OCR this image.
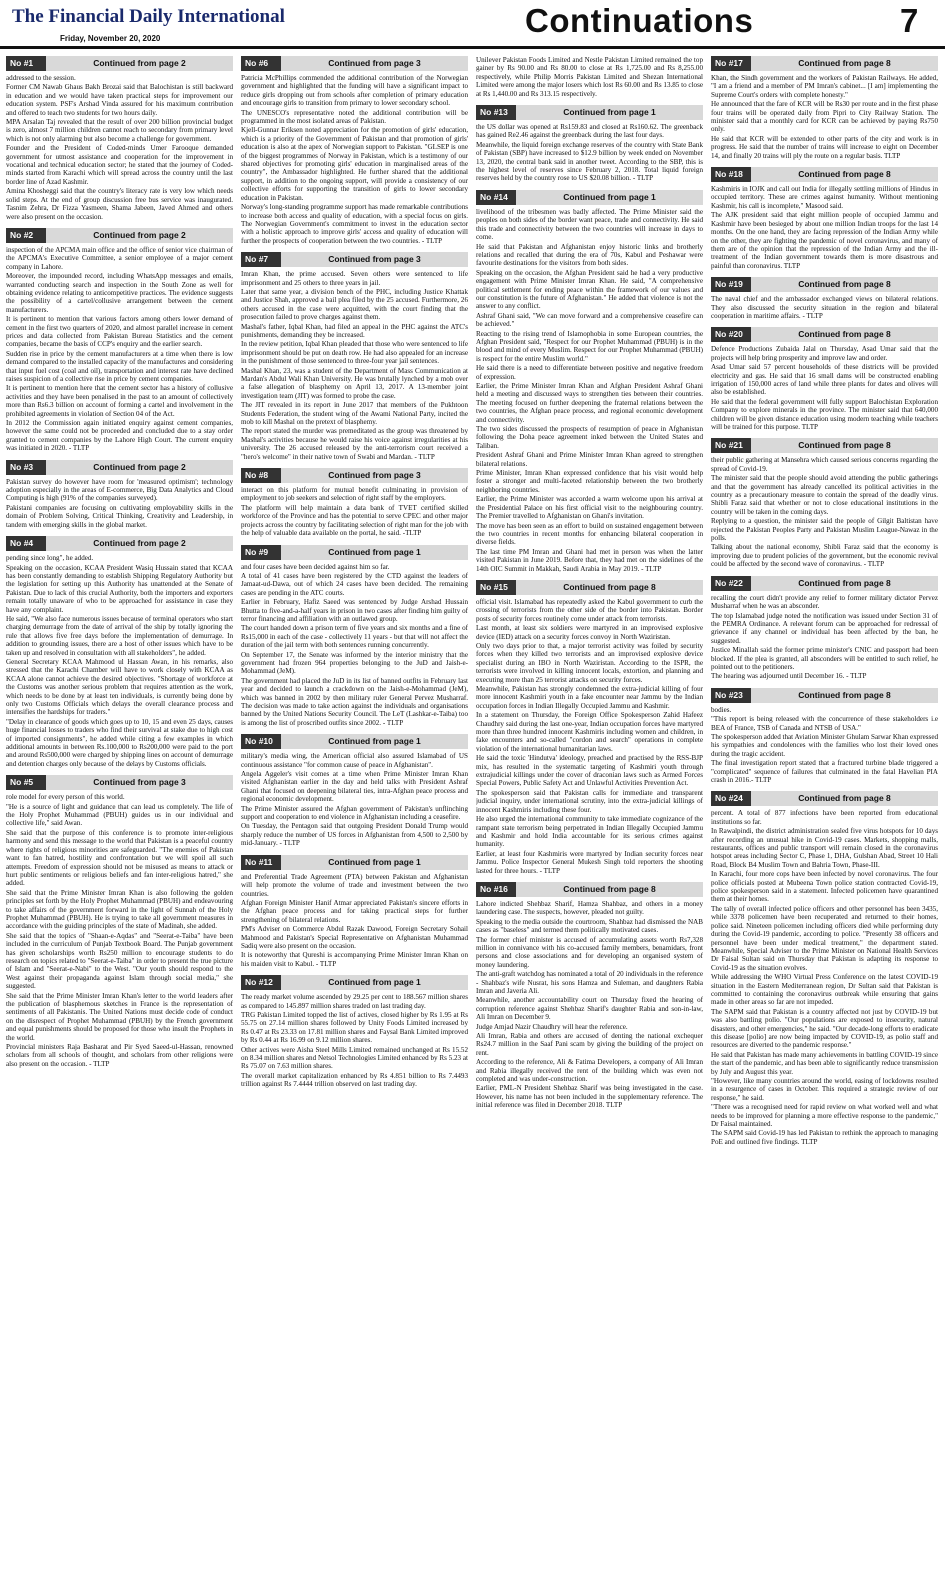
The Financial Daily International
Friday, November 20, 2020	Continuations	7
No #1	Continued from page 2

addressed to the session.

Former CM Nawab Ghaus Bakh Brozai said that Balochistan is still backward in education and we would have taken practical steps for improvement our education system. PSF's Arshad Vinda assured for his maximum contribution and offered to teach two students for two hours daily.

MPA Arsalan Taj revealed that the result of over 200 billion provincial budget is zero, almost 7 million children cannot reach to secondary from primary level which is not only alarming but also become a challenge for government.

Founder and the President of Coded-minds Umer Farooque demanded government for utmost assistance and cooperation for the improvement in vocational and technical education sector; he stated that the journey of Coded-minds started from Karachi which will spread across the country until the last border line of Azad Kashmir.

Amina Khosheggi said that the country's literacy rate is very low which needs solid steps. At the end of group discussion free bus service was inaugurated. Tasnim Zehra, Dr Fizza Yasmeen, Shama Jabeen, Javed Ahmed and others were also present on the occasion.

No #2	Continued from page 2

inspection of the APCMA main office and the office of senior vice chairman of the APCMA's Executive Committee, a senior employee of a major cement company in Lahore.

Moreover, the impounded record, including WhatsApp messages and emails, warranted conducting search and inspection in the South Zone as well for obtaining evidence relating to anticompetitive practices. The evidence suggests the possibility of a cartel/collusive arrangement between the cement manufacturers.

It is pertinent to mention that various factors among others lower demand of cement in the first two quarters of 2020, and almost parallel increase in cement prices and data collected from Pakistan Bureau Statistics and the cement companies, became the basis of CCP's enquiry and the earlier search.

Sudden rise in price by the cement manufacturers at a time when there is low demand compared to the installed capacity of the manufactures and considering that input fuel cost (coal and oil), transportation and interest rate have declined raises suspicion of a collective rise in price by cement companies.

It is pertinent to mention here that the cement sector has a history of collusive activities and they have been penalised in the past to an amount of collectively more than Rs6.3 billion on account of forming a cartel and involvement in the prohibited agreements in violation of Section 04 of the Act.

In 2012 the Commission again initiated enquiry against cement companies, however the same could not be proceeded and concluded due to a stay order granted to cement companies by the Lahore High Court. The current enquiry was initiated in 2020. - TLTP

No #3	Continued from page 2

Pakistan survey do however have room for 'measured optimism'; technology adoption especially in the areas of E-commerce, Big Data Analytics and Cloud Computing is high (91% of the companies surveyed).

Pakistani companies are focusing on cultivating employability skills in the domain of Problem Solving, Critical Thinking, Creativity and Leadership, in tandem with emerging skills in the global market.

No #4	Continued from page 2

pending since long", he added.

Speaking on the occasion, KCAA President Wasiq Hussain stated that KCAA has been constantly demanding to establish Shipping Regulatory Authority but the legislation for setting up this Authority has unattended at the Senate of Pakistan. Due to lack of this crucial Authority, both the importers and exporters remain totally unaware of who to be approached for assistance in case they have any complaint.

He said, "We also face numerous issues because of terminal operators who start charging demurrage from the date of arrival of the ship by totally ignoring the rule that allows five free days before the implementation of demurrage. In addition to grounding issues, there are a host of other issues which have to be taken up and resolved in consultation with all stakeholders", he added.

General Secretary KCAA Mahmood ul Hassan Awan, in his remarks, also stressed that the Karachi Chamber will have to work closely with KCAA as KCAA alone cannot achieve the desired objectives. "Shortage of workforce at the Customs was another serious problem that requires attention as the work, which needs to be done by at least ten individuals, is currently being done by only two Customs Officials which delays the overall clearance process and intensifies the hardships for traders."

"Delay in clearance of goods which goes up to 10, 15 and even 25 days, causes huge financial losses to traders who find their survival at stake due to high cost of imported consignments", he added while citing a few examples in which additional amounts in between Rs.100,000 to Rs200,000 were paid to the port and around Rs500,000 were charged by shipping lines on account of demurrage and detention charges only because of the delays by Customs officials.

No #5	Continued from page 3

role model for every person of this world.

"He is a source of light and guidance that can lead us completely. The life of the Holy Prophet Muhammad (PBUH) guides us in our individual and collective life," said Awan.

She said that the purpose of this conference is to promote inter-religious harmony and send this message to the world that Pakistan is a peaceful country where rights of religious minorities are safeguarded. "The enemies of Pakistan want to fan hatred, hostility and confrontation but we will spoil all such attempts. Freedom of expression should not be misused as means to attack or hurt public sentiments or religious beliefs and fan inter-religious hatred," she added.

She said that the Prime Minister Imran Khan is also following the golden principles set forth by the Holy Prophet Muhammad (PBUH) and endeavouring to take affairs of the government forward in the light of Sunnah of the Holy Prophet Muhammad (PBUH). He is trying to take all government measures in accordance with the guiding principles of the state of Madinah, she added.

She said that the topics of "Shaan-e-Aqdas" and "Seerat-e-Taiba" have been included in the curriculum of Punjab Textbook Board. The Punjab government has given scholarships worth Rs250 million to encourage students to do research on topics related to "Seerat-e-Taiba" in order to present the true picture of Islam and "Seerat-e-Nabi" to the West. "Our youth should respond to the West against their propaganda against Islam through social media," she suggested.

She said that the Prime Minister Imran Khan's letter to the world leaders after the publication of blasphemous sketches in France is the representation of sentiments of all Pakistanis. The United Nations must decide code of conduct on the disrespect of Prophet Muhammad (PBUH) by the French government and equal punishments should be proposed for those who insult the Prophets in the world.

Provincial ministers Raja Basharat and Pir Syed Saeed-ul-Hassan, renowned scholars from all schools of thought, and scholars from other religions were also present on the occasion. - TLTP

No #6	Continued from page 3

Patricia McPhillips commended the additional contribution of the Norwegian government and highlighted that the funding will have a significant impact to reduce girls dropping out from schools after completion of primary education and encourage girls to transition from primary to lower secondary school.

The UNESCO's representative noted the additional contribution will be programmed in the most isolated areas of Pakistan.

Kjell-Gunnar Eriksen noted appreciation for the promotion of girls' education, which is a priority of the Government of Pakistan and that promotion of girls' education is also at the apex of Norwegian support to Pakistan. "GLSEP is one of the biggest programmes of Norway in Pakistan, which is a testimony of our shared objectives for promoting girls' education in marginalised areas of the country", the Ambassador highlighted. He further shared that the additional support, in addition to the ongoing support, will provide a consistency of our collective efforts for supporting the transition of girls to lower secondary education in Pakistan.

Norway's long-standing programme support has made remarkable contributions to increase both access and quality of education, with a special focus on girls. The Norwegian Government's commitment to invest in the education sector with a holistic approach to improve girls' access and quality of education will further the prospects of cooperation between the two countries. - TLTP

No #7	Continued from page 3

Imran Khan, the prime accused. Seven others were sentenced to life imprisonment and 25 others to three years in jail.

Later that same year, a division bench of the PHC, including Justice Khattak and Justice Shah, approved a bail plea filed by the 25 accused. Furthermore, 26 others accused in the case were acquitted, with the court finding that the prosecution failed to prove charges against them.

Mashal's father, Iqbal Khan, had filed an appeal in the PHC against the ATC's punishments, demanding they be increased.

In the review petition, Iqbal Khan pleaded that those who were sentenced to life imprisonment should be put on death row. He had also appealed for an increase in the punishment of those sentenced to three-four year jail sentences.

Mashal Khan, 23, was a student of the Department of Mass Communication at Mardan's Abdul Wali Khan University. He was brutally lynched by a mob over a false allegation of blasphemy on April 13, 2017. A 13-member joint investigation team (JIT) was formed to probe the case.

The JIT revealed in its report in June 2017 that members of the Pukhtoon Students Federation, the student wing of the Awami National Party, incited the mob to kill Mashal on the pretext of blasphemy.

The report stated the murder was premeditated as the group was threatened by Mashal's activities because he would raise his voice against irregularities at his university. The 26 accused released by the anti-terrorism court received a "hero's welcome" in their native town of Swabi and Mardan. - TLTP

No #8	Continued from page 3

interact on this platform for mutual benefit culminating in provision of employment to job seekers and selection of right staff by the employers.

The platform will help maintain a data bank of TVET certified skilled workforce of the Province and has the potential to serve CPEC and other major projects across the country by facilitating selection of right man for the job with the help of valuable data available on the portal, he said. -TLTP

No #9	Continued from page 1

and four cases have been decided against him so far.

A total of 41 cases have been registered by the CTD against the leaders of Jamaat-ud-Dawa, out of which 24 cases have been decided. The remaining cases are pending in the ATC courts.

Earlier in February, Hafiz Saeed was sentenced by Judge Arshad Hussain Bhutta to five-and-a-half years in prison in two cases after finding him guilty of terror financing and affiliation with an outlawed group.

The court handed down a prison term of five years and six months and a fine of Rs15,000 in each of the case - collectively 11 years - but that will not affect the duration of the jail term with both sentences running concurrently.

On September 17, the Senate was informed by the interior ministry that the government had frozen 964 properties belonging to the JuD and Jaish-e-Mohammad (JeM).

The government had placed the JuD in its list of banned outfits in February last year and decided to launch a crackdown on the Jaish-e-Mohammad (JeM), which was banned in 2002 by then military ruler General Pervez Musharraf. The decision was made to take action against the individuals and organisations banned by the United Nations Security Council. The LeT (Lashkar-e-Taiba) too is among the list of proscribed outfits since 2002. - TLTP

No #10	Continued from page 1

military's media wing, the American official also assured Islamabad of US continuous assistance "for common cause of peace in Afghanistan".

Angela Aggeler's visit comes at a time when Prime Minister Imran Khan visited Afghanistan earlier in the day and held talks with President Ashraf Ghani that focused on deepening bilateral ties, intra-Afghan peace process and regional economic development.

The Prime Minister assured the Afghan government of Pakistan's unflinching support and cooperation to end violence in Afghanistan including a ceasefire.

On Tuesday, the Pentagon said that outgoing President Donald Trump would sharply reduce the number of US forces in Afghanistan from 4,500 to 2,500 by mid-January. - TLTP

No #11	Continued from page 1

and Preferential Trade Agreement (PTA) between Pakistan and Afghanistan will help promote the volume of trade and investment between the two countries.

Afghan Foreign Minister Hanif Atmar appreciated Pakistan's sincere efforts in the Afghan peace process and for taking practical steps for further strengthening of bilateral relations.

PM's Adviser on Commerce Abdul Razak Dawood, Foreign Secretary Sohail Mahmood and Pakistan's Special Representative on Afghanistan Muhammad Sadiq were also present on the occasion.

It is noteworthy that Qureshi is accompanying Prime Minister Imran Khan on his maiden visit to Kabul. - TLTP

No #12	Continued from page 1

The ready market volume ascended by 29.25 per cent to 188.567 million shares as compared to 145.897 million shares traded on last trading day.

TRG Pakistan Limited topped the list of actives, closed higher by Rs 1.95 at Rs 55.75 on 27.14 million shares followed by Unity Foods Limited increased by Rs 0.47 at Rs 23.33 on 17.81 million shares and Faysal Bank Limited improved by Rs 0.44 at Rs 16.99 on 9.12 million shares.

Other actives were Aisha Steel Mills Limited remained unchanged at Rs 15.52 on 8.34 million shares and Netsol Technologies Limited enhanced by Rs 5.23 at Rs 75.07 on 7.63 million shares.

The overall market capitalization enhanced by Rs 4.851 billion to Rs 7.4493 trillion against Rs 7.4444 trillion observed on last trading day.

Unilever Pakistan Foods Limited and Nestle Pakistan Limited remained the top gainer by Rs 90.00 and Rs 80.00 to close at Rs 1,725.00 and Rs 8,255.00 respectively, while Philip Morris Pakistan Limited and Shezan International Limited were among the major losers which lost Rs 60.00 and Rs 13.85 to close at Rs 1,440.00 and Rs 313.15 respectively.

No #13	Continued from page 1

the US dollar was opened at Rs159.83 and closed at Rs160.62. The greenback has gained Re2.46 against the greenback during the last four days.

Meanwhile, the liquid foreign exchange reserves of the country with State Bank of Pakistan (SBP) have increased to $12.9 billion by week ended on November 13, 2020, the central bank said in another tweet. According to the SBP, this is the highest level of reserves since February 2, 2018. Total liquid foreign reserves held by the country rose to US $20.08 billion. - TLTP

No #14	Continued from page 1

livelihood of the tribesmen was badly affected. The Prime Minister said the peoples on both sides of the border want peace, trade and connectivity. He said this trade and connectivity between the two countries will increase in days to come.

He said that Pakistan and Afghanistan enjoy historic links and brotherly relations and recalled that during the era of 70s, Kabul and Peshawar were favourite destinations for the visitors from both sides.

Speaking on the occasion, the Afghan President said he had a very productive engagement with Prime Minister Imran Khan. He said, "A comprehensive political settlement for ending peace within the framework of our values and our constitution is the future of Afghanistan." He added that violence is not the answer to any conflict.

Ashraf Ghani said, "We can move forward and a comprehensive ceasefire can be achieved."

Reacting to the rising trend of Islamophobia in some European countries, the Afghan President said, "Respect for our Prophet Muhammad (PBUH) is in the blood and mind of every Muslim. Respect for our Prophet Muhammad (PBUH) is respect for the entire Muslim world."

He said there is a need to differentiate between positive and negative freedom of expression.

Earlier, the Prime Minister Imran Khan and Afghan President Ashraf Ghani held a meeting and discussed ways to strengthen ties between their countries. The meeting focused on further deepening the fraternal relations between the two countries, the Afghan peace process, and regional economic development and connectivity.

The two sides discussed the prospects of resumption of peace in Afghanistan following the Doha peace agreement inked between the United States and Taliban.

President Ashraf Ghani and Prime Minister Imran Khan agreed to strengthen bilateral relations.

Prime Minister, Imran Khan expressed confidence that his visit would help foster a stronger and multi-faceted relationship between the two brotherly neighboring countries.

Earlier, the Prime Minister was accorded a warm welcome upon his arrival at the Presidential Palace on his first official visit to the neighbouring country. The Premier travelled to Afghanistan on Ghani's invitation.

The move has been seen as an effort to build on sustained engagement between the two countries in recent months for enhancing bilateral cooperation in diverse fields.

The last time PM Imran and Ghani had met in person was when the latter visited Pakistan in June 2019. Before that, they had met on the sidelines of the 14th OIC Summit in Makkah, Saudi Arabia in May 2019. - TLTP

No #15	Continued from page 8

official visit. Islamabad has repeatedly asked the Kabul government to curb the crossing of terrorists from the other side of the border into Pakistan. Border posts of security forces routinely come under attack from terrorists.

Last month, at least six soldiers were martyred in an improvised explosive device (IED) attack on a security forces convoy in North Waziristan.

Only two days prior to that, a major terrorist activity was foiled by security forces when they killed two terrorists and an improvised explosive device specialist during an IBO in North Waziristan. According to the ISPR, the terrorists were involved in killing innocent locals, extortion, and planning and executing more than 25 terrorist attacks on security forces.

Meanwhile, Pakistan has strongly condemned the extra-judicial killing of four more innocent Kashmiri youth in a fake encounter near Jammu by the Indian occupation forces in Indian Illegally Occupied Jammu and Kashmir.

In a statement on Thursday, the Foreign Office Spokesperson Zahid Hafeez Chaudhry said during the last one-year, Indian occupation forces have martyred more than three hundred innocent Kashmiris including women and children, in fake encounters and so-called "cordon and search" operations in complete violation of the international humanitarian laws.

He said the toxic 'Hindutva' ideology, preached and practised by the RSS-BJP mix, has resulted in the systematic targeting of Kashmiri youth through extrajudicial killings under the cover of draconian laws such as Armed Forces Special Powers, Public Safety Act and Unlawful Activities Prevention Act.

The spokesperson said that Pakistan calls for immediate and transparent judicial inquiry, under international scrutiny, into the extra-judicial killings of innocent Kashmiris including these four.

He also urged the international community to take immediate cognizance of the rampant state terrorism being perpetrated in Indian Illegally Occupied Jammu and Kashmir and hold India accountable for its serious crimes against humanity.

Earlier, at least four Kashmiris were martyred by Indian security forces near Jammu. Police Inspector General Mukesh Singh told reporters the shooting lasted for three hours. - TLTP

No #16	Continued from page 8

Lahore indicted Shehbaz Sharif, Hamza Shahbaz, and others in a money laundering case. The suspects, however, pleaded not guilty.

Speaking to the media outside the courtroom, Shahbaz had dismissed the NAB cases as "baseless" and termed them politically motivated cases.

The former chief minister is accused of accumulating assets worth Rs7,328 million in connivance with his co-accused family members, benamidars, front persons and close associations and for developing an organised system of money laundering.

The anti-graft watchdog has nominated a total of 20 individuals in the reference - Shahbaz's wife Nusrat, his sons Hamza and Suleman, and daughters Rabia Imran and Javeria Ali.

Meanwhile, another accountability court on Thursday fixed the hearing of corruption reference against Shehbaz Sharif's daughter Rabia and son-in-law, Ali Imran on December 9.

Judge Amjad Nazir Chaudhry will hear the reference.

Ali Imran, Rabia and others are accused of denting the national exchequer Rs24.7 million in the Saaf Pani scam by giving the building of the project on rent.

According to the reference, Ali & Fatima Developers, a company of Ali Imran and Rabia illegally received the rent of the building which was even not completed and was under-construction.

Earlier, PML-N President Shehbaz Sharif was being investigated in the case. However, his name has not been included in the supplementary reference. The initial reference was filed in December 2018. TLTP

No #17	Continued from page 8

Khan, the Sindh government and the workers of Pakistan Railways. He added, "I am a friend and a member of PM Imran's cabinet... [I am] implementing the Supreme Court's orders with complete honesty."

He announced that the fare of KCR will be Rs30 per route and in the first phase four trains will be operated daily from Pipri to City Railway Station. The minister said that a monthly card for KCR can be achieved by paying Rs750 only.

He said that KCR will be extended to other parts of the city and work is in progress. He said that the number of trains will increase to eight on December 14, and finally 20 trains will ply the route on a regular basis. TLTP

No #18	Continued from page 8

Kashmiris in IOJK and call out India for illegally settling millions of Hindus in occupied territory. These are crimes against humanity. Without mentioning Kashmir, his call is incomplete," Masood said.

The AJK president said that eight million people of occupied Jammu and Kashmir have been besieged by about one million Indian troops for the last 14 months. On the one hand, they are facing repression of the Indian Army while on the other, they are fighting the pandemic of novel coronavirus, and many of them are of the opinion that the repression of the Indian Army and the ill-treatment of the Indian government towards them is more disastrous and painful than coronavirus. TLTP

No #19	Continued from page 8

The naval chief and the ambassador exchanged views on bilateral relations. They also discussed the security situation in the region and bilateral cooperation in maritime affairs. - TLTP

No #20	Continued from page 8

Defence Productions Zubaida Jalal on Thursday, Asad Umar said that the projects will help bring prosperity and improve law and order.

Asad Umar said 57 percent households of these districts will be provided electricity and gas. He said that 16 small dams will be constructed enabling irrigation of 150,000 acres of land while three plants for dates and olives will also be established.

He said that the federal government will fully support Balochistan Exploration Company to explore minerals in the province. The minister said that 640,000 children will be given distance education using modern teaching while teachers will be trained for this purpose. TLTP

No #21	Continued from page 8

their public gathering at Mansehra which caused serious concerns regarding the spread of Covid-19.

The minister said that the people should avoid attending the public gatherings and that the government has already cancelled its political activities in the country as a precautionary measure to contain the spread of the deadly virus. Shibli Faraz said that whether or not to close educational institutions in the country will be taken in the coming days.

Replying to a question, the minister said the people of Gilgit Baltistan have rejected the Pakistan Peoples Party and Pakistan Muslim League-Nawaz in the polls.

Talking about the national economy, Shibli Faraz said that the economy is improving due to prudent policies of the government, but the economic revival could be affected by the second wave of coronavirus. - TLTP

No #22	Continued from page 8

recalling the court didn't provide any relief to former military dictator Pervez Musharraf when he was an absconder.

The top Islamabad judge noted the notification was issued under Section 31 of the PEMRA Ordinance. A relevant forum can be approached for redressal of grievance if any channel or individual has been affected by the ban, he suggested.

Justice Minallah said the former prime minister's CNIC and passport had been blocked. If the plea is granted, all absconders will be entitled to such relief, he pointed out to the petitioners.

The hearing was adjourned until December 16. - TLTP

No #23	Continued from page 8

bodies.

"This report is being released with the concurrence of these stakeholders i.e BEA of France, TSB of Canada and NTSB of USA."

The spokesperson added that Aviation Minister Ghulam Sarwar Khan expressed his sympathies and condolences with the families who lost their loved ones during the tragic accident.

The final investigation report stated that a fractured turbine blade triggered a "complicated" sequence of failures that culminated in the fatal Havelian PIA crash in 2016.- TLTP

No #24	Continued from page 8

percent. A total of 877 infections have been reported from educational institutions so far.

In Rawalpindi, the district administration sealed five virus hotspots for 10 days after recording an unusual hike in Covid-19 cases. Markets, shopping malls, restaurants, offices and public transport will remain closed in the coronavirus hotspot areas including Sector C, Phase 1, DHA, Gulshan Abad, Street 10 Hali Road, Block B4 Muslim Town and Bahria Town, Phase-III.

In Karachi, four more cops have been infected by novel coronavirus. The four police officials posted at Mubeena Town police station contracted Covid-19, police spokesperson said in a statement. Infected policemen have quarantined them at their homes.

The tally of overall infected police officers and other personnel has been 3435, while 3378 policemen have been recuperated and returned to their homes, police said. Nineteen policemen including officers died while performing duty during the Covid-19 pandemic, according to police. "Presently 38 officers and personnel have been under medical treatment," the department stated. Meanwhile, Special Adviser to the Prime Minister on National Health Services Dr Faisal Sultan said on Thursday that Pakistan is adapting its response to Covid-19 as the situation evolves.

While addressing the WHO Virtual Press Conference on the latest COVID-19 situation in the Eastern Mediterranean region, Dr Sultan said that Pakistan is committed to containing the coronavirus outbreak while ensuring that gains made in other areas so far are not impeded.

The SAPM said that Pakistan is a country affected not just by COVID-19 but was also battling polio. "Our populations are exposed to insecurity, natural disasters, and other emergencies," he said. "Our decade-long efforts to eradicate this disease [polio] are now being impacted by COVID-19, as polio staff and resources are diverted to the pandemic response."

He said that Pakistan has made many achievements in battling COVID-19 since the start of the pandemic, and has been able to significantly reduce transmission by July and August this year.

"However, like many countries around the world, easing of lockdowns resulted in a resurgence of cases in October. This required a strategic review of our response," he said.

"There was a recognised need for rapid review on what worked well and what needs to be improved for planning a more effective response to the pandemic," Dr Faisal maintained.

The SAPM said Covid-19 has led Pakistan to rethink the approach to managing PoE and outlined five findings. TLTP
